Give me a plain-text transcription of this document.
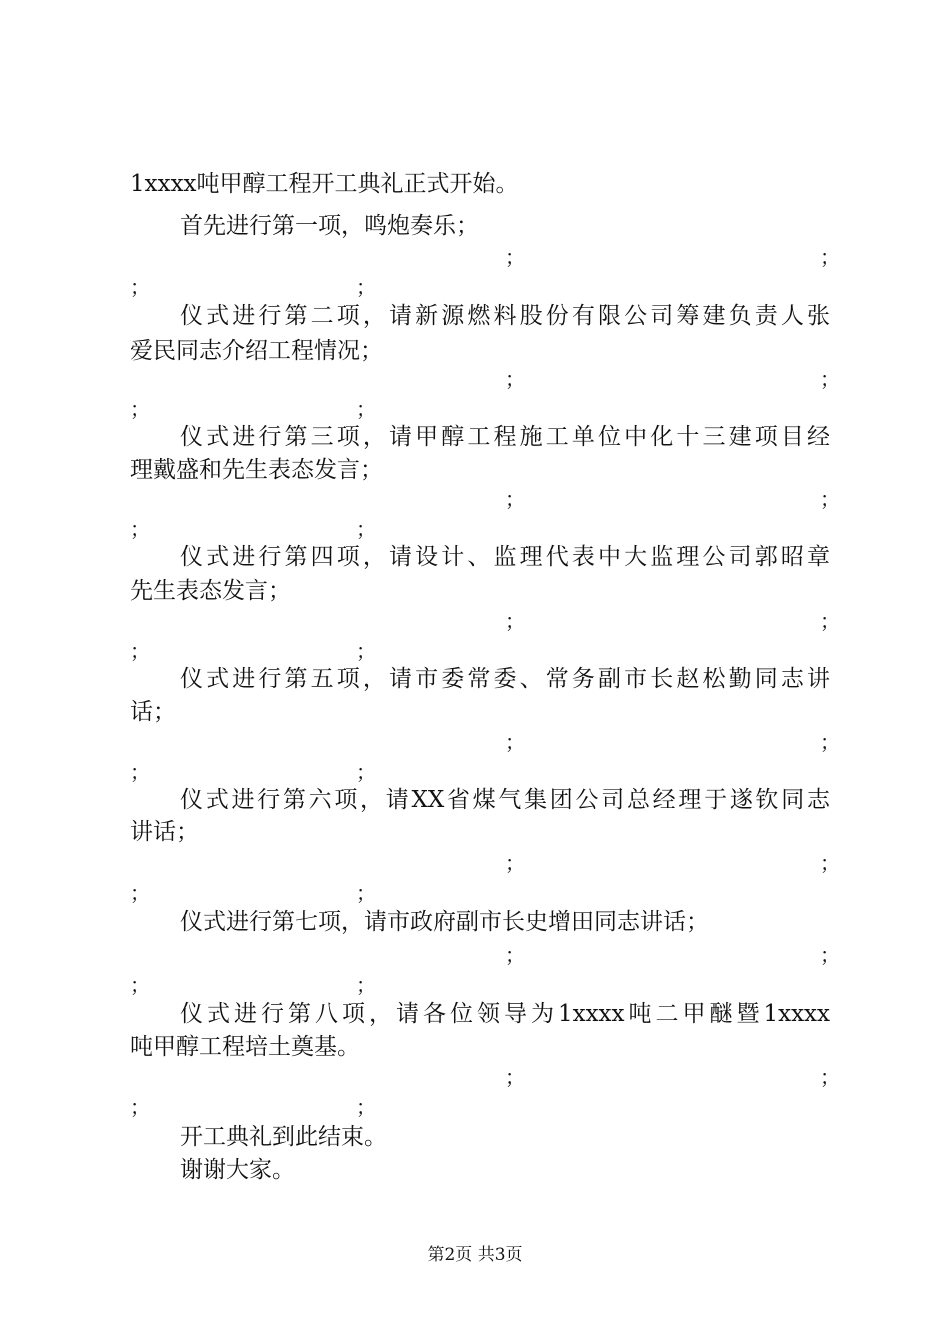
1xxxx吨甲醇工程开工典礼正式开始。
首先进行第一项，鸣炮奏乐；
；	；
；	；
仪式进行第二项，请新源燃料股份有限公司筹建负责人张
爱民同志介绍工程情况；
；	；
；	；
仪式进行第三项，请甲醇工程施工单位中化十三建项目经
理戴盛和先生表态发言；
；	；
；	；
仪式进行第四项，请设计、监理代表中大监理公司郭昭章
先生表态发言；
；	；
；	；
仪式进行第五项，请市委常委、常务副市长赵松勤同志讲
话；
；	；
；	；
仪式进行第六项，请XX省煤气集团公司总经理于遂钦同志
讲话；
；	；
；	；
仪式进行第七项，请市政府副市长史增田同志讲话；
；	；
；	；
仪式进行第八项，请各位领导为1xxxx吨二甲醚暨1xxxx
吨甲醇工程培土奠基。
；	；
；	；
开工典礼到此结束。
谢谢大家。
第2页 共3页
